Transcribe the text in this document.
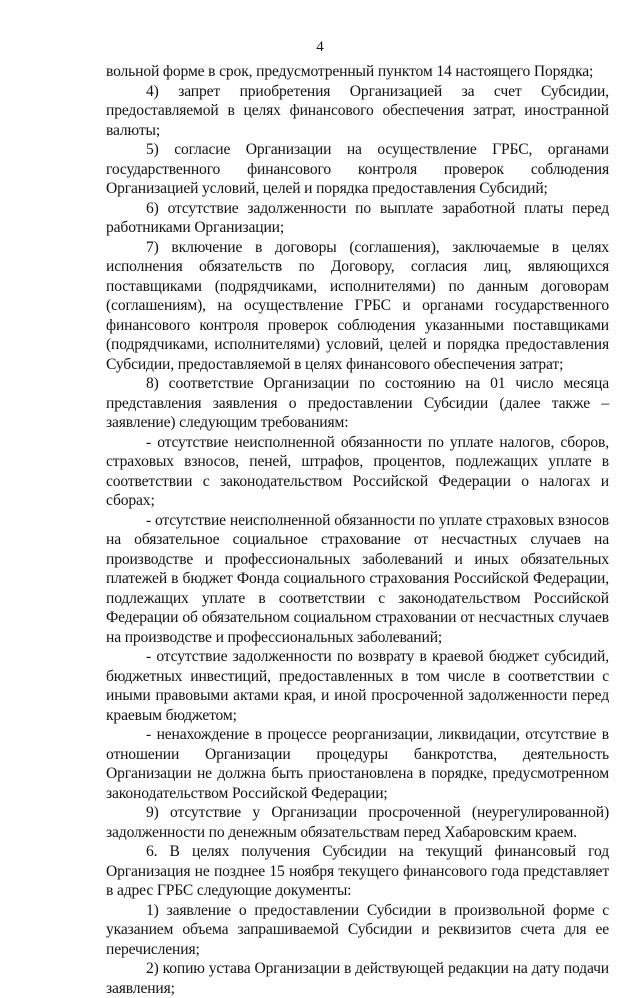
4

вольной форме в срок, предусмотренный пунктом 14 настоящего Порядка;

4) запрет приобретения Организацией за счет Субсидии, предоставляемой в целях финансового обеспечения затрат, иностранной валюты;

5) согласие Организации на осуществление ГРБС, органами государственного финансового контроля проверок соблюдения Организацией условий, целей и порядка предоставления Субсидий;

6) отсутствие задолженности по выплате заработной платы перед работниками Организации;

7) включение в договоры (соглашения), заключаемые в целях исполнения обязательств по Договору, согласия лиц, являющихся поставщиками (подрядчиками, исполнителями) по данным договорам (соглашениям), на осуществление ГРБС и органами государственного финансового контроля проверок соблюдения указанными поставщиками (подрядчиками, исполнителями) условий, целей и порядка предоставления Субсидии, предоставляемой в целях финансового обеспечения затрат;

8) соответствие Организации по состоянию на 01 число месяца представления заявления о предоставлении Субсидии (далее также – заявление) следующим требованиям:

- отсутствие неисполненной обязанности по уплате налогов, сборов, страховых взносов, пеней, штрафов, процентов, подлежащих уплате в соответствии с законодательством Российской Федерации о налогах и сборах;

- отсутствие неисполненной обязанности по уплате страховых взносов на обязательное социальное страхование от несчастных случаев на производстве и профессиональных заболеваний и иных обязательных платежей в бюджет Фонда социального страхования Российской Федерации, подлежащих уплате в соответствии с законодательством Российской Федерации об обязательном социальном страховании от несчастных случаев на производстве и профессиональных заболеваний;

- отсутствие задолженности по возврату в краевой бюджет субсидий, бюджетных инвестиций, предоставленных в том числе в соответствии с иными правовыми актами края, и иной просроченной задолженности перед краевым бюджетом;

- ненахождение в процессе реорганизации, ликвидации, отсутствие в отношении Организации процедуры банкротства, деятельность Организации не должна быть приостановлена в порядке, предусмотренном законодательством Российской Федерации;

9) отсутствие у Организации просроченной (неурегулированной) задолженности по денежным обязательствам перед Хабаровским краем.

6. В целях получения Субсидии на текущий финансовый год Организация не позднее 15 ноября текущего финансового года представляет в адрес ГРБС следующие документы:

1) заявление о предоставлении Субсидии в произвольной форме с указанием объема запрашиваемой Субсидии и реквизитов счета для ее перечисления;

2) копию устава Организации в действующей редакции на дату подачи заявления;
